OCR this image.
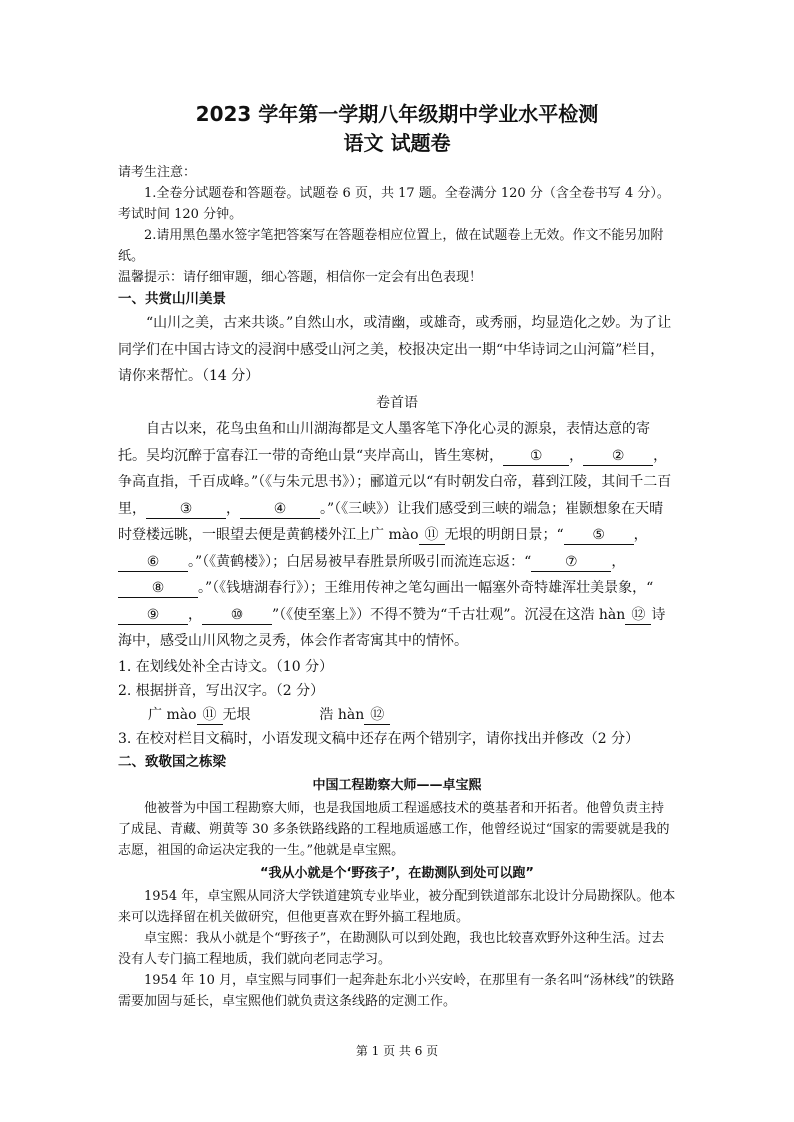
2023 学年第一学期八年级期中学业水平检测
语文 试题卷

请考生注意：

1.全卷分试题卷和答题卷。试题卷 6 页，共 17 题。全卷满分 120 分（含全卷书写 4 分）。考试时间 120 分钟。

2.请用黑色墨水签字笔把答案写在答题卷相应位置上，做在试题卷上无效。作文不能另加附纸。

温馨提示：请仔细审题，细心答题，相信你一定会有出色表现！

一、共赏山川美景

“山川之美，古来共谈。”自然山水，或清幽，或雄奇，或秀丽，均显造化之妙。为了让同学们在中国古诗文的浸润中感受山河之美，校报决定出一期“中华诗词之山河篇”栏目，请你来帮忙。（14 分）

卷首语

自古以来，花鸟虫鱼和山川湖海都是文人墨客笔下净化心灵的源泉，表情达意的寄托。吴均沉醉于富春江一带的奇绝山景“夹岸高山，皆生寒树， ① ， ② ，争高直指，千百成峰。”（《与朱元思书》）；郦道元以“有时朝发白帝，暮到江陵，其间千二百里， ③ ， ④ 。”（《三峡》）让我们感受到三峡的端急；崔颢想象在天晴时登楼远眺，一眼望去便是黄鹤楼外江上广 mào ⑪ 无垠的明朗日景；“ ⑤ ，⑥ 。”（《黄鹤楼》）；白居易被早春胜景所吸引而流连忘返：“ ⑦ ，⑧ 。”（《钱塘湖春行》）；王维用传神之笔勾画出一幅塞外奇特雄浑壮美景象，“⑨ ， ⑩ ”（《使至塞上》）不得不赞为“千古壮观”。沉浸在这浩 hàn ⑫ 诗海中，感受山川风物之灵秀，体会作者寄寓其中的情怀。

1. 在划线处补全古诗文。（10 分）

2. 根据拼音，写出汉字。（2 分）

广 mào ⑪ 无垠	浩 hàn ⑫

3. 在校对栏目文稿时，小语发现文稿中还存在两个错别字，请你找出并修改（2 分）

二、致敬国之栋梁

中国工程勘察大师——卓宝熙

他被誉为中国工程勘察大师，也是我国地质工程遥感技术的奠基者和开拓者。他曾负责主持了成昆、青藏、朔黄等 30 多条铁路线路的工程地质遥感工作，他曾经说过“国家的需要就是我的志愿，祖国的命运决定我的一生。”他就是卓宝熙。

“我从小就是个‘野孩子’，在勘测队到处可以跑”

1954 年，卓宝熙从同济大学铁道建筑专业毕业，被分配到铁道部东北设计分局勘探队。他本来可以选择留在机关做研究，但他更喜欢在野外搞工程地质。

卓宝熙：我从小就是个“野孩子”，在勘测队可以到处跑，我也比较喜欢野外这种生活。过去没有人专门搞工程地质，我们就向老同志学习。

1954 年 10 月，卓宝熙与同事们一起奔赴东北小兴安岭，在那里有一条名叫“汤林线”的铁路需要加固与延长，卓宝熙他们就负责这条线路的定测工作。

第 1 页 共 6 页
